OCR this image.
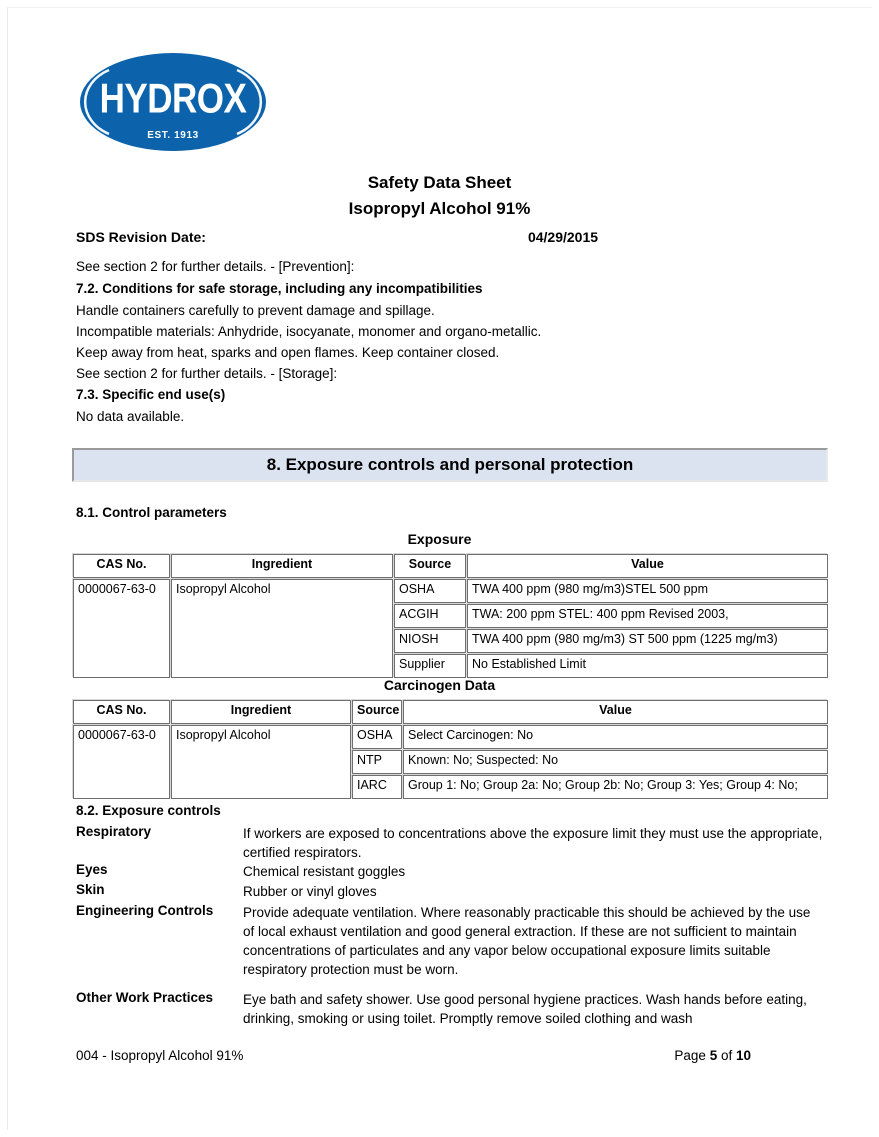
HYDROX
EST. 1913
Safety Data Sheet
Isopropyl Alcohol 91%
SDS Revision Date:	04/29/2015
See section 2 for further details. - [Prevention]:
7.2. Conditions for safe storage, including any incompatibilities
Handle containers carefully to prevent damage and spillage.
Incompatible materials: Anhydride, isocyanate, monomer and organo-metallic.
Keep away from heat, sparks and open flames. Keep container closed.
See section 2 for further details. - [Storage]:
7.3. Specific end use(s)
No data available.
8. Exposure controls and personal protection
8.1. Control parameters
Exposure
CAS No.	Ingredient	Source	Value
0000067-63-0	Isopropyl Alcohol	OSHA	TWA 400 ppm (980 mg/m3)STEL 500 ppm
		ACGIH	TWA: 200 ppm STEL: 400 ppm Revised 2003,
		NIOSH	TWA 400 ppm (980 mg/m3) ST 500 ppm (1225 mg/m3)
		Supplier	No Established Limit
Carcinogen Data
CAS No.	Ingredient	Source	Value
0000067-63-0	Isopropyl Alcohol	OSHA	Select Carcinogen: No
		NTP	Known: No; Suspected: No
		IARC	Group 1: No; Group 2a: No; Group 2b: No; Group 3: Yes; Group 4: No;
8.2. Exposure controls
Respiratory	If workers are exposed to concentrations above the exposure limit they must use the appropriate, certified respirators.
Eyes	Chemical resistant goggles
Skin	Rubber or vinyl gloves
Engineering Controls Provide adequate ventilation. Where reasonably practicable this should be achieved by the use of local exhaust ventilation and good general extraction. If these are not sufficient to maintain concentrations of particulates and any vapor below occupational exposure limits suitable respiratory protection must be worn.
Other Work Practices Eye bath and safety shower. Use good personal hygiene practices. Wash hands before eating, drinking, smoking or using toilet. Promptly remove soiled clothing and wash
004 - Isopropyl Alcohol 91%	Page 5 of 10
